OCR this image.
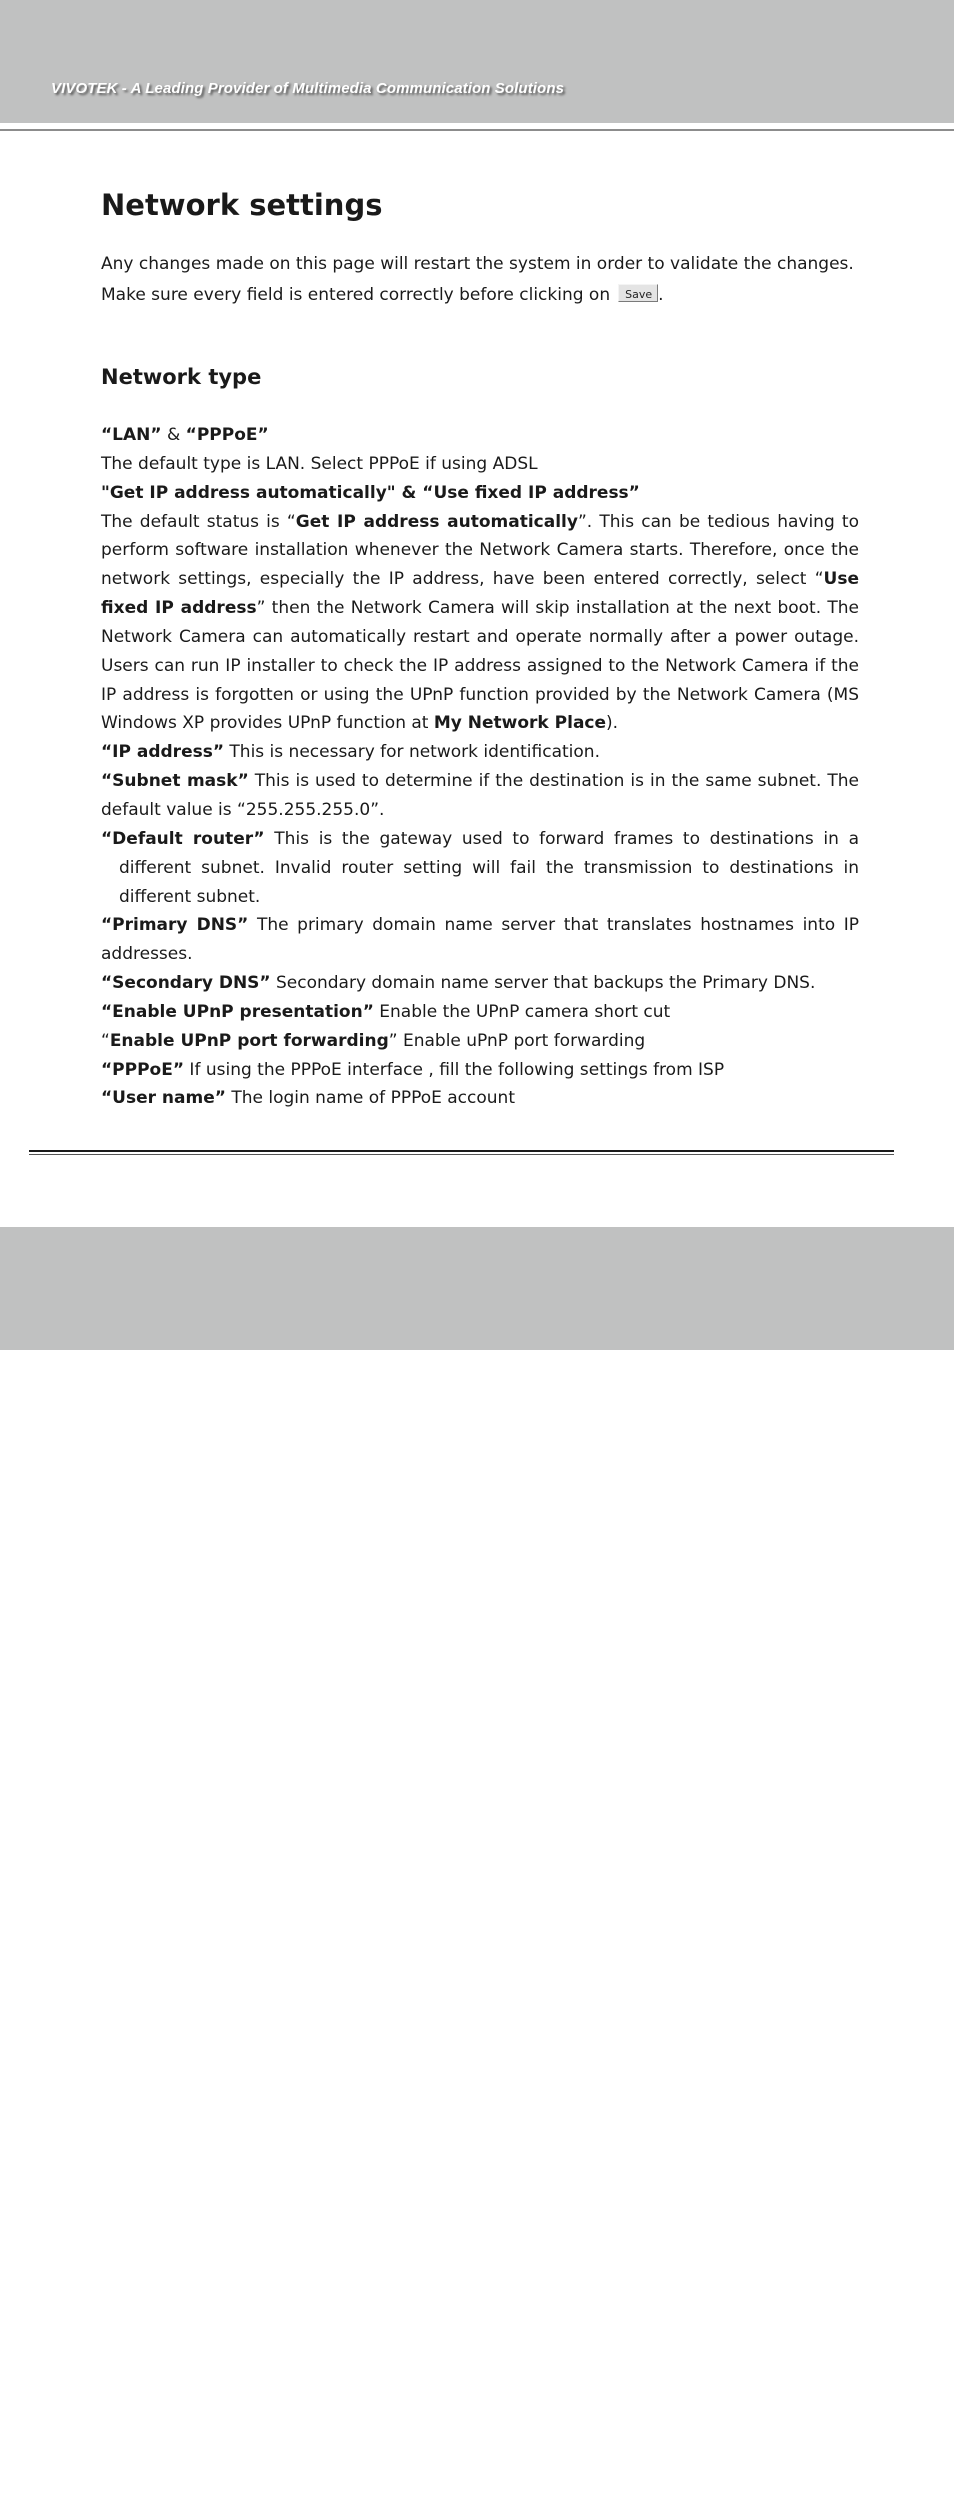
VIVOTEK - A Leading Provider of Multimedia Communication Solutions
Network settings

Any changes made on this page will restart the system in order to validate the changes.

Make sure every field is entered correctly before clicking on Save .

Network type

“LAN” & “PPPoE”

The default type is LAN. Select PPPoE if using ADSL

"Get IP address automatically" & “Use fixed IP address”

The default status is “Get IP address automatically”. This can be tedious having to perform software installation whenever the Network Camera starts. Therefore, once the network settings, especially the IP address, have been entered correctly, select “Use fixed IP address” then the Network Camera will skip installation at the next boot. The Network Camera can automatically restart and operate normally after a power outage. Users can run IP installer to check the IP address assigned to the Network Camera if the IP address is forgotten or using the UPnP function provided by the Network Camera (MS Windows XP provides UPnP function at My Network Place).

“IP address” This is necessary for network identification.

“Subnet mask” This is used to determine if the destination is in the same subnet. The default value is “255.255.255.0”.

“Default router” This is the gateway used to forward frames to destinations in a different subnet. Invalid router setting will fail the transmission to destinations in different subnet.

“Primary DNS” The primary domain name server that translates hostnames into IP addresses.

“Secondary DNS” Secondary domain name server that backups the Primary DNS.

“Enable UPnP presentation” Enable the UPnP camera short cut

“Enable UPnP port forwarding” Enable uPnP port forwarding

“PPPoE” If using the PPPoE interface , fill the following settings from ISP

“User name” The login name of PPPoE account

27 - User's Manual
